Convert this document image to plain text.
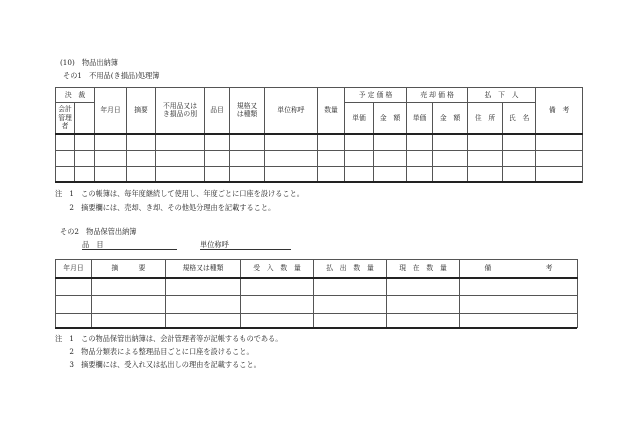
(10)　物品出納簿
その1　不用品(き損品)処理簿
決　裁		年月日	摘要	不用品又はき損品の別	品目	規格又は種類	単位称呼	数量	予 定 価 格		売 却 価 格		払　下　人		備　考
会計管理者									単価	金　額	単価	金　額	住　所	氏　名	

注　1　この帳簿は、毎年度継続して使用し、年度ごとに口座を設けること。
　　2　摘要欄には、売却、き却、その他処分理由を記載すること。
その2　物品保管出納簿
品　目	単位称呼
年月日	摘　　　要	規格又は種類	受　入　数　量	払　出　数　量	現　在　数　量	備　　　　　　　　考

注　1　この物品保管出納簿は、会計管理者等が記帳するものである。
　　2　物品分類表による整理品目ごとに口座を設けること。
　　3　摘要欄には、受入れ又は払出しの理由を記載すること。
